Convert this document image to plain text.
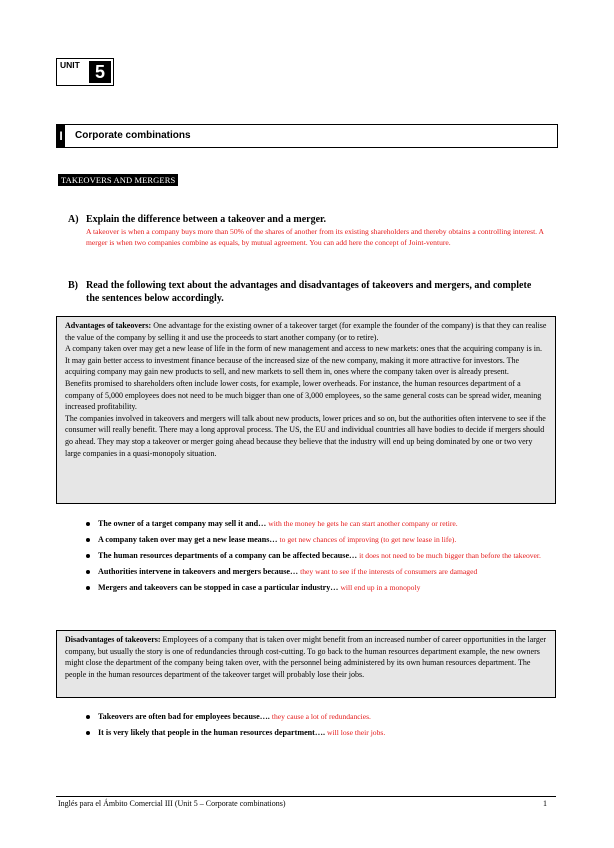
UNIT 5
I Corporate combinations
TAKEOVERS AND MERGERS
A) Explain the difference between a takeover and a merger.
A takeover is when a company buys more than 50% of the shares of another from its existing shareholders and thereby obtains a controlling interest. A merger is when two companies combine as equals, by mutual agreement. You can add here the concept of Joint-venture.
B) Read the following text about the advantages and disadvantages of takeovers and mergers, and complete the sentences below accordingly.

Advantages of takeovers: One advantage for the existing owner of a takeover target (for example the founder of the company) is that they can realise the value of the company by selling it and use the proceeds to start another company (or to retire).

A company taken over may get a new lease of life in the form of new management and access to new markets: ones that the acquiring company is in. It may gain better access to investment finance because of the increased size of the new company, making it more attractive for investors. The acquiring company may gain new products to sell, and new markets to sell them in, ones where the company taken over is already present.

Benefits promised to shareholders often include lower costs, for example, lower overheads. For instance, the human resources department of a company of 5,000 employees does not need to be much bigger than one of 3,000 employees, so the same general costs can be spread wider, meaning increased profitability.

The companies involved in takeovers and mergers will talk about new products, lower prices and so on, but the authorities often intervene to see if the consumer will really benefit. There may a long approval process. The US, the EU and individual countries all have bodies to decide if mergers should go ahead. They may stop a takeover or merger going ahead because they believe that the industry will end up being dominated by one or two very large companies in a quasi-monopoly situation.

The owner of a target company may sell it and… with the money he gets he can start another company or retire.
A company taken over may get a new lease means… to get new chances of improving (to get new lease in life).
The human resources departments of a company can be affected because… it does not need to be much bigger than before the takeover.
Authorities intervene in takeovers and mergers because… they want to see if the interests of consumers are damaged
Mergers and takeovers can be stopped in case a particular industry… will end up in a monopoly

Disadvantages of takeovers: Employees of a company that is taken over might benefit from an increased number of career opportunities in the larger company, but usually the story is one of redundancies through cost-cutting. To go back to the human resources department example, the new owners might close the department of the company being taken over, with the personnel being administered by its own human resources department. The people in the human resources department of the takeover target will probably lose their jobs.

Takeovers are often bad for employees because…. they cause a lot of redundancies.
It is very likely that people in the human resources department…. will lose their jobs.
Inglés para el Ámbito Comercial III (Unit 5 – Corporate combinations)	1
